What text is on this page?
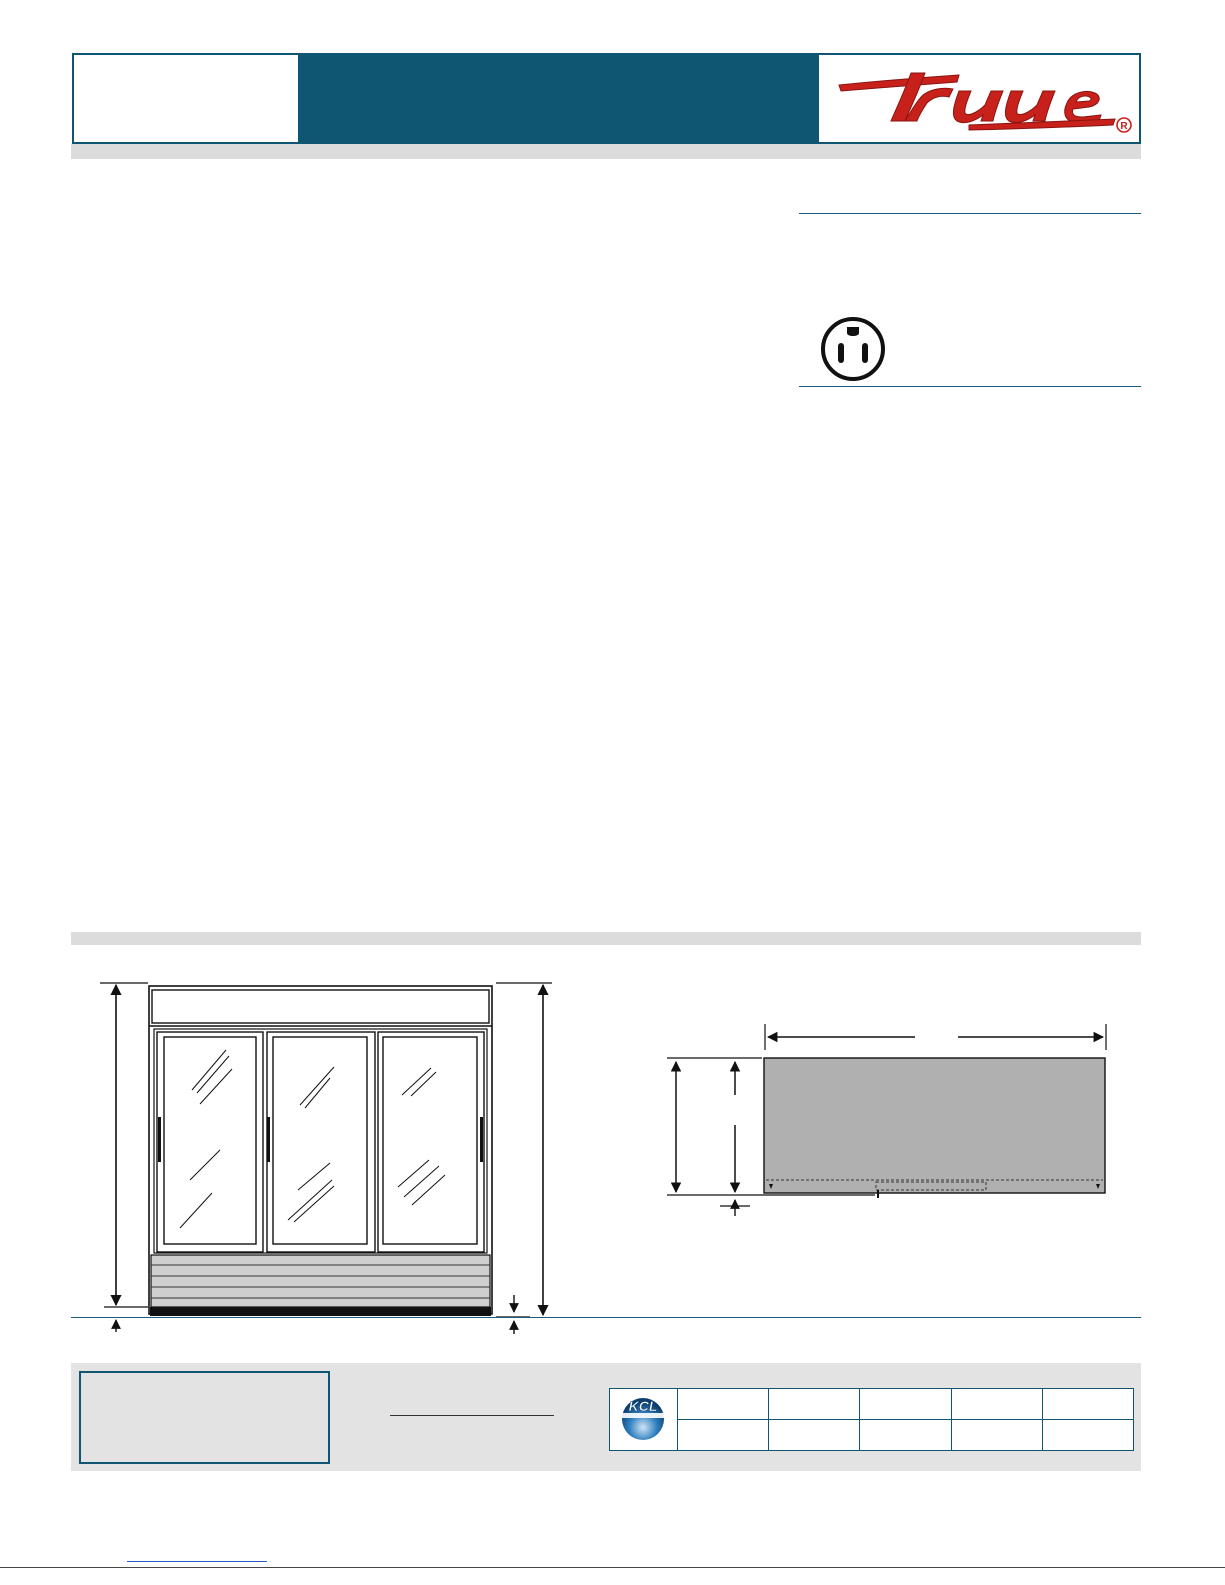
R
KCL					
